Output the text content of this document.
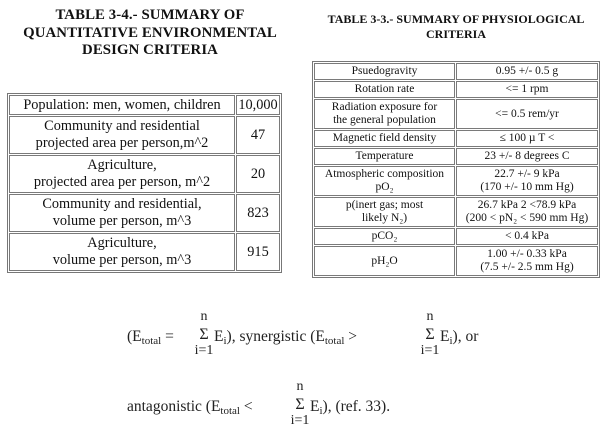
TABLE 3-4.- SUMMARY OF
QUANTITATIVE ENVIRONMENTAL
DESIGN CRITERIA
Population: men, women, children	10,000
Community and residential
projected area per person,m^2	47
Agriculture,
projected area per person, m^2	20
Community and residential,
volume per person, m^3	823
Agriculture,
volume per person, m^3	915
TABLE 3-3.- SUMMARY OF PHYSIOLOGICAL
CRITERIA
Psuedogravity	0.95 +/- 0.5 g
Rotation rate	<= 1 rpm
Radiation exposure for
the general population	<= 0.5 rem/yr
Magnetic field density	≤ 100 µ T <
Temperature	23 +/- 8 degrees C
Atmospheric composition
pO₂	22.7 +/- 9 kPa
(170 +/- 10 mm Hg)
p(inert gas; most
likely N₂)	26.7 kPa 2 <78.9 kPa
(200 < pN₂ < 590 mm Hg)
pCO₂	< 0.4 kPa
pH₂O	1.00 +/- 0.33 kPa
(7.5 +/- 2.5 mm Hg)
(Etotal =
n
Σ
i=1
Ei), synergistic (Etotal >
n
Σ
i=1
Ei), or
antagonistic (Etotal <
n
Σ
i=1
Ei), (ref. 33).
